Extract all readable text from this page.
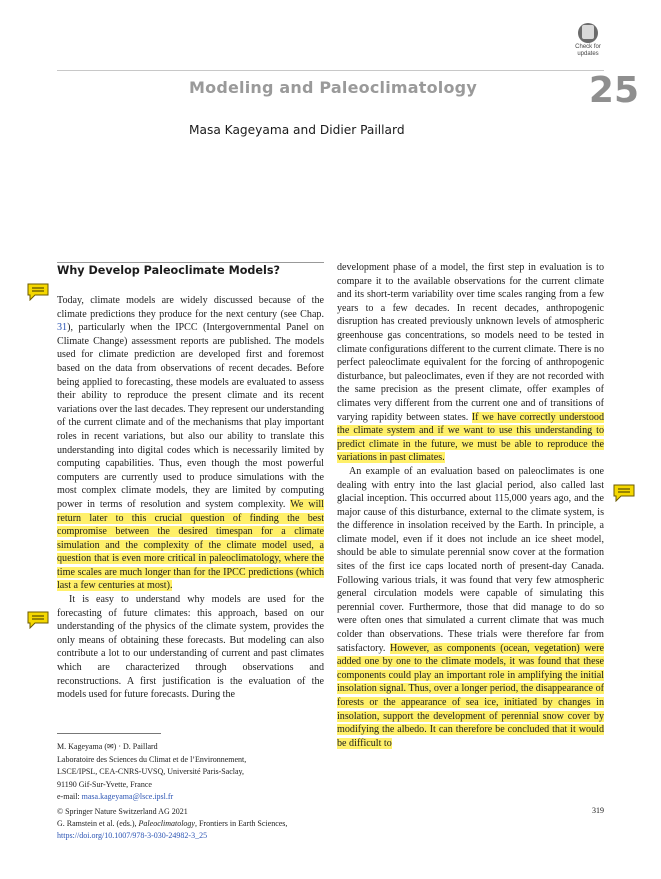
Check for
updates
Modeling and Paleoclimatology	25
Masa Kageyama and Didier Paillard
Why Develop Paleoclimate Models?

Today, climate models are widely discussed because of the climate predictions they produce for the next century (see Chap. 31), particularly when the IPCC (Intergovernmental Panel on Climate Change) assessment reports are published. The models used for climate prediction are developed first and foremost based on the data from observations of recent decades. Before being applied to forecasting, these models are evaluated to assess their ability to reproduce the present climate and its recent variations over the last decades. They represent our understanding of the current climate and of the mechanisms that play important roles in recent variations, but also our ability to translate this understanding into digital codes which is necessarily limited by computing capabilities. Thus, even though the most powerful computers are currently used to produce simulations with the most complex climate models, they are limited by computing power in terms of resolution and system complexity. We will return later to this crucial question of finding the best compromise between the desired timespan for a climate simulation and the complexity of the climate model used, a question that is even more critical in paleoclimatology, where the time scales are much longer than for the IPCC predictions (which last a few centuries at most).

It is easy to understand why models are used for the forecasting of future climates: this approach, based on our understanding of the physics of the climate system, provides the only means of obtaining these forecasts. But modeling can also contribute a lot to our understanding of current and past climates which are characterized through observations and reconstructions. A first justification is the evaluation of the models used for future forecasts. During the

development phase of a model, the first step in evaluation is to compare it to the available observations for the current climate and its short-term variability over time scales ranging from a few years to a few decades. In recent decades, anthropogenic disruption has created previously unknown levels of atmospheric greenhouse gas concentrations, so models need to be tested in climate configurations different to the current climate. There is no perfect paleoclimate equivalent for the forcing of anthropogenic disturbance, but paleoclimates, even if they are not recorded with the same precision as the present climate, offer examples of climates very different from the current one and of transitions of varying rapidity between states. If we have correctly understood the climate system and if we want to use this understanding to predict climate in the future, we must be able to reproduce the variations in past climates.

An example of an evaluation based on paleoclimates is one dealing with entry into the last glacial period, also called last glacial inception. This occurred about 115,000 years ago, and the major cause of this disturbance, external to the climate system, is the difference in insolation received by the Earth. In principle, a climate model, even if it does not include an ice sheet model, should be able to simulate perennial snow cover at the formation sites of the first ice caps located north of present-day Canada. Following various trials, it was found that very few atmospheric general circulation models were capable of simulating this perennial cover. Furthermore, those that did manage to do so were often ones that simulated a current climate that was much colder than observations. These trials were therefore far from satisfactory. However, as components (ocean, vegetation) were added one by one to the climate models, it was found that these components could play an important role in amplifying the initial insolation signal. Thus, over a longer period, the disappearance of forests or the appearance of sea ice, initiated by changes in insolation, support the development of perennial snow cover by modifying the albedo. It can therefore be concluded that it would be difficult to

M. Kageyama (✉) · D. Paillard

Laboratoire des Sciences du Climat et de l’Environnement,

LSCE/IPSL, CEA-CNRS-UVSQ, Université Paris-Saclay,

91190 Gif-Sur-Yvette, France

e-mail: masa.kageyama@lsce.ipsl.fr

© Springer Nature Switzerland AG 2021

G. Ramstein et al. (eds.), Paleoclimatology, Frontiers in Earth Sciences,

https://doi.org/10.1007/978-3-030-24982-3_25

319
